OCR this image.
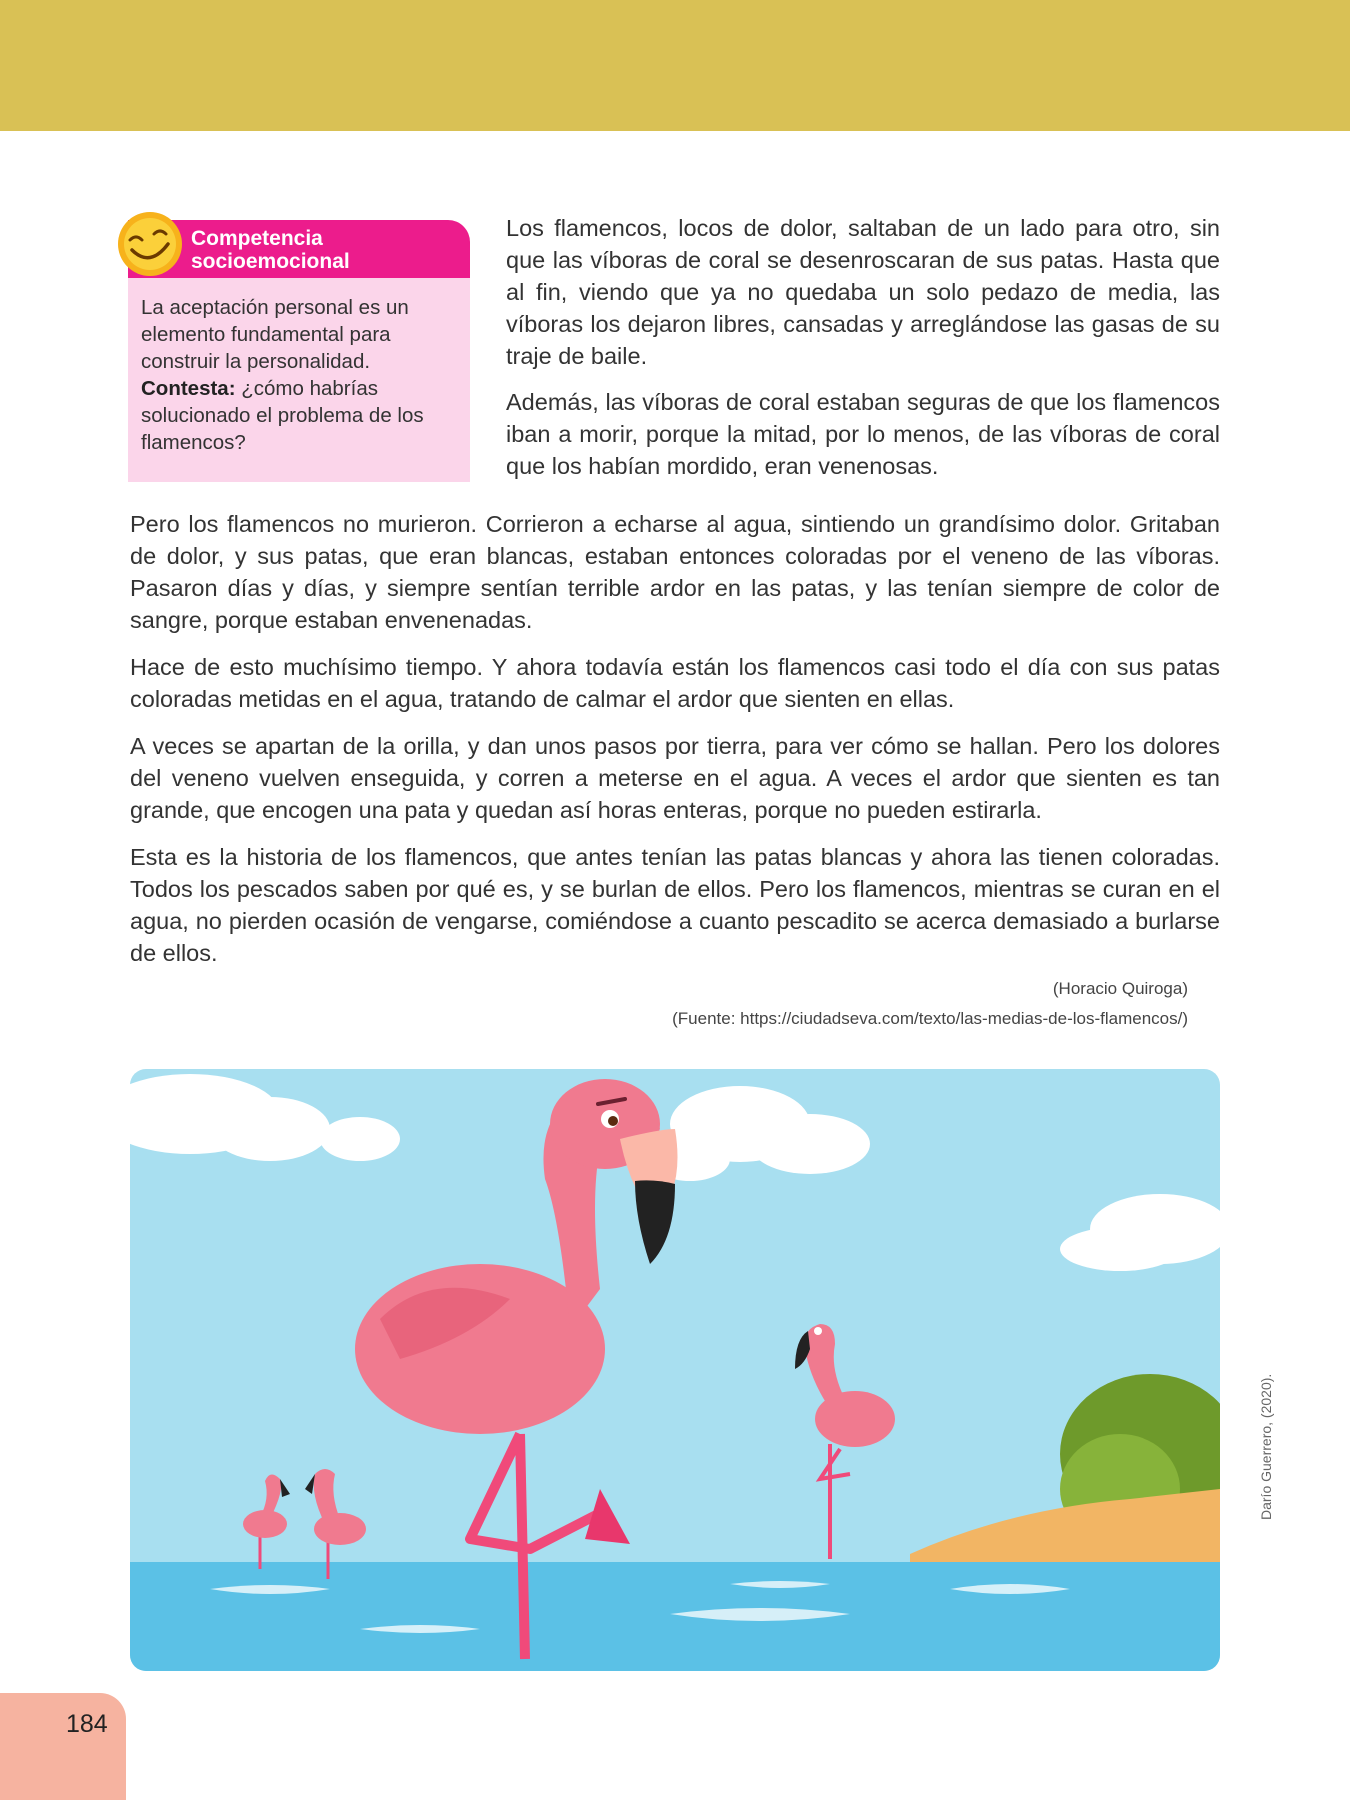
Competencia
socioemocional
La aceptación personal es un elemento fundamental para construir la personalidad. Contesta: ¿cómo habrías solucionado el problema de los flamencos?

Los flamencos, locos de dolor, saltaban de un lado para otro, sin que las víboras de coral se desenroscaran de sus patas. Hasta que al fin, viendo que ya no quedaba un solo pedazo de media, las víboras los dejaron libres, cansadas y arreglándose las gasas de su traje de baile.

Además, las víboras de coral estaban seguras de que los flamencos iban a morir, porque la mitad, por lo menos, de las víboras de coral que los habían mordido, eran venenosas.

Pero los flamencos no murieron. Corrieron a echarse al agua, sintiendo un grandísimo dolor. Gritaban de dolor, y sus patas, que eran blancas, estaban entonces coloradas por el veneno de las víboras. Pasaron días y días, y siempre sentían terrible ardor en las patas, y las tenían siempre de color de sangre, porque estaban envenenadas.

Hace de esto muchísimo tiempo. Y ahora todavía están los flamencos casi todo el día con sus patas coloradas metidas en el agua, tratando de calmar el ardor que sienten en ellas.

A veces se apartan de la orilla, y dan unos pasos por tierra, para ver cómo se hallan. Pero los dolores del veneno vuelven enseguida, y corren a meterse en el agua. A veces el ardor que sienten es tan grande, que encogen una pata y quedan así horas enteras, porque no pueden estirarla.

Esta es la historia de los flamencos, que antes tenían las patas blancas y ahora las tienen coloradas. Todos los pescados saben por qué es, y se burlan de ellos. Pero los flamencos, mientras se curan en el agua, no pierden ocasión de vengarse, comiéndose a cuanto pescadito se acerca demasiado a burlarse de ellos.

(Horacio Quiroga)
(Fuente: https://ciudadseva.com/texto/las-medias-de-los-flamencos/)
Darío Guerrero, (2020).
184
